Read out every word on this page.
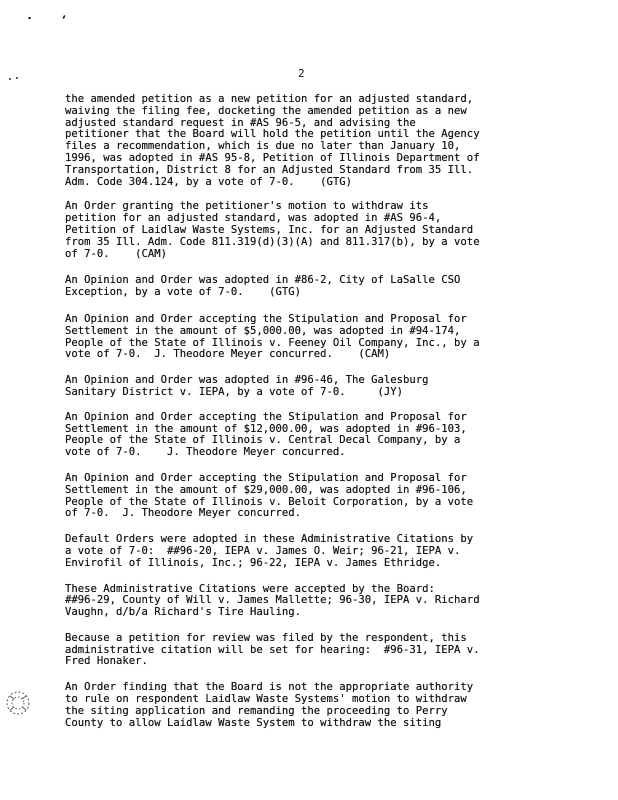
2

the amended petition as a new petition for an adjusted standard,
waiving the filing fee, docketing the amended petition as a new
adjusted standard request in #AS 96-5, and advising the
petitioner that the Board will hold the petition until the Agency
files a recommendation, which is due no later than January 10,
1996, was adopted in #AS 95-8, Petition of Illinois Department of
Transportation, District 8 for an Adjusted Standard from 35 Ill.
Adm. Code 304.124, by a vote of 7-0.    (GTG)

An Order granting the petitioner's motion to withdraw its
petition for an adjusted standard, was adopted in #AS 96-4,
Petition of Laidlaw Waste Systems, Inc. for an Adjusted Standard
from 35 Ill. Adm. Code 811.319(d)(3)(A) and 811.317(b), by a vote
of 7-0.    (CAM)

An Opinion and Order was adopted in #86-2, City of LaSalle CSO
Exception, by a vote of 7-0.    (GTG)

An Opinion and Order accepting the Stipulation and Proposal for
Settlement in the amount of $5,000.00, was adopted in #94-174,
People of the State of Illinois v. Feeney Oil Company, Inc., by a
vote of 7-0.  J. Theodore Meyer concurred.    (CAM)

An Opinion and Order was adopted in #96-46, The Galesburg
Sanitary District v. IEPA, by a vote of 7-0.     (JY)

An Opinion and Order accepting the Stipulation and Proposal for
Settlement in the amount of $12,000.00, was adopted in #96-103,
People of the State of Illinois v. Central Decal Company, by a
vote of 7-0.    J. Theodore Meyer concurred.

An Opinion and Order accepting the Stipulation and Proposal for
Settlement in the amount of $29,000.00, was adopted in #96-106,
People of the State of Illinois v. Beloit Corporation, by a vote
of 7-0.  J. Theodore Meyer concurred.

Default Orders were adopted in these Administrative Citations by
a vote of 7-0:  ##96-20, IEPA v. James O. Weir; 96-21, IEPA v.
Envirofil of Illinois, Inc.; 96-22, IEPA v. James Ethridge.

These Administrative Citations were accepted by the Board:
##96-29, County of Will v. James Mallette; 96-30, IEPA v. Richard
Vaughn, d/b/a Richard's Tire Hauling.

Because a petition for review was filed by the respondent, this
administrative citation will be set for hearing:  #96-31, IEPA v.
Fred Honaker.

An Order finding that the Board is not the appropriate authority
to rule on respondent Laidlaw Waste Systems' motion to withdraw
the siting application and remanding the proceeding to Perry
County to allow Laidlaw Waste System to withdraw the siting
